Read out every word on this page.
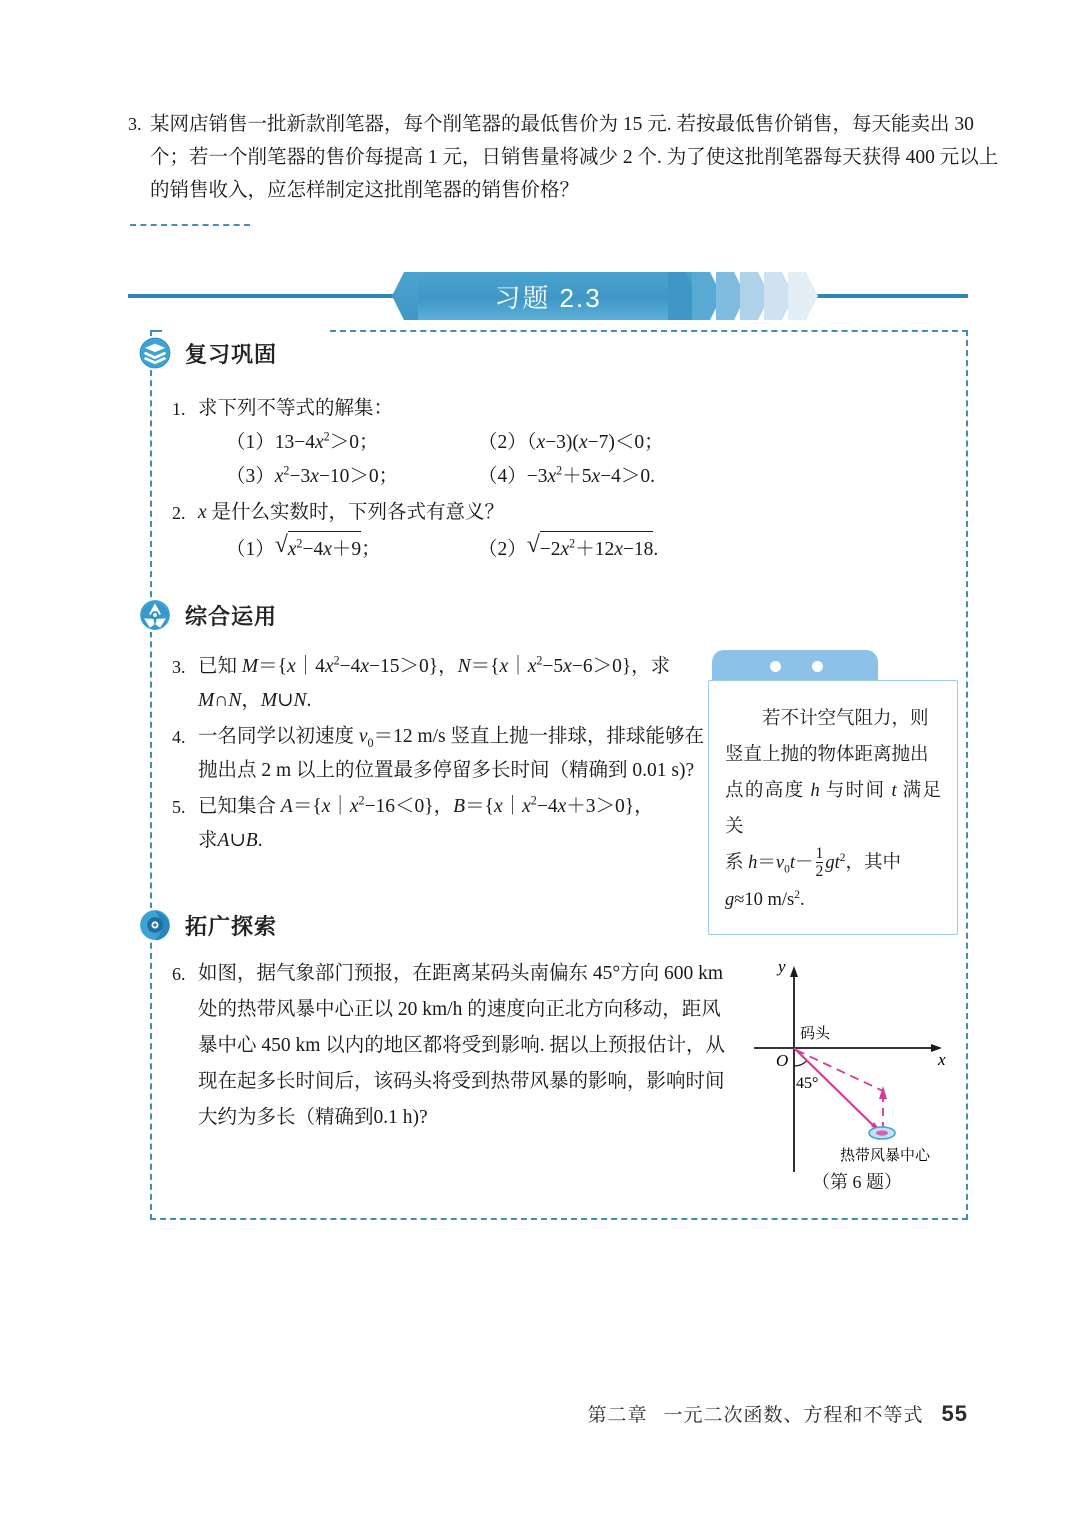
3. 某网店销售一批新款削笔器，每个削笔器的最低售价为 15 元. 若按最低售价销售，每天能卖出 30
个；若一个削笔器的售价每提高 1 元，日销售量将减少 2 个. 为了使这批削笔器每天获得 400 元以上
的销售收入，应怎样制定这批削笔器的销售价格？
习题 2.3
复习巩固
1. 求下列不等式的解集：
$(1)13-4x^2>0$；	（2）（x−3)(x−7)＜0；
$(3)x^2-3x-10>0$；	$(4)-3x^2+5x-4>0$.
2. x 是什么实数时，下列各式有意义？
（1） √ $x^2-4x+9$；	（2） √ $-2x^2+12x-18$.
综合运用
3. 已知 $M=\{x|4x^2-4x-15>0\}$，$N=\{x|x^2-5x-6>0\}$，求
M∩N，M∪N.
4. 一名同学以初速度 $v_0=12$ m/s 竖直上抛一排球，排球能够在
抛出点 2 m 以上的位置最多停留多长时间（精确到 0.01 s)?
5. 已知集合 $A=\{x|x^2-16<0\}$，$B=\{x|x^2-4x+3>0\}$，
求A∪B.
若不计空气阻力，则
竖直上抛的物体距离抛出
点的高度 h 与时间 t 满足关
系 $h=v_0t- \frac{1}{2} gt^2$，其中
g≈10 $m/s^2$.
拓广探索
6. 如图，据气象部门预报，在距离某码头南偏东 45°方向 600 km
处的热带风暴中心正以 20 km/h 的速度向正北方向移动，距风
暴中心 450 km 以内的地区都将受到影响. 据以上预报估计，从
现在起多长时间后，该码头将受到热带风暴的影响，影响时间
大约为多长（精确到0.1 h)?
y
x
O
码头
45°
热带风暴中心
（第 6 题）
第二章 一元二次函数、方程和不等式 55
